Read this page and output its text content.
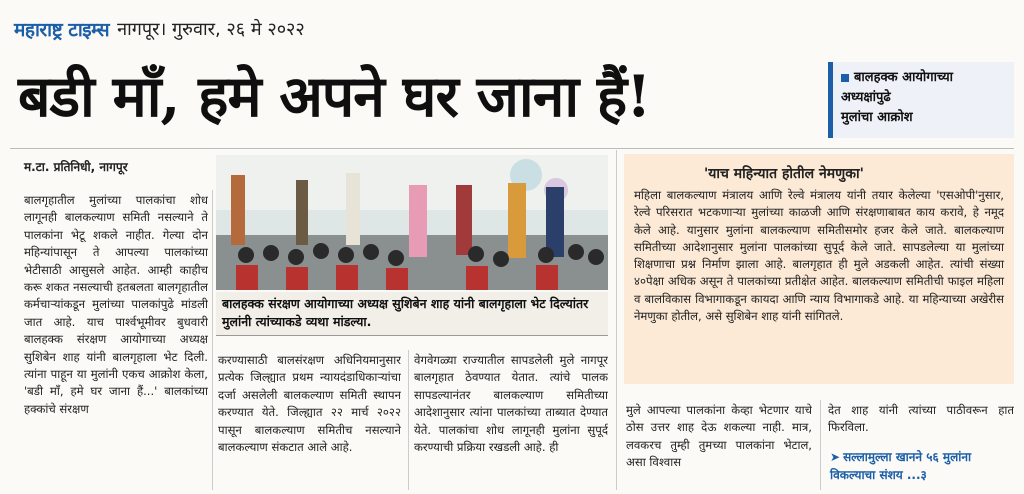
महाराष्ट्र टाइम्स नागपूर। गुरुवार, २६ मे २०२२
बडी माँ, हमे अपने घर जाना हैं!	बालहक्क आयोगाच्या

अध्यक्षांपुढे

मुलांचा आक्रोश

म.टा. प्रतिनिधी, नागपूर
बालगृहातील मुलांच्या पालकांचा शोध लागूनही बालकल्याण समिती नसल्याने ते पालकांना भेटू शकले नाहीत. गेल्या दोन महिन्यांपासून ते आपल्या पालकांच्या भेटीसाठी आसुसले आहेत. आम्ही काहीच करू शकत नसल्याची हतबलता बालगृहातील कर्मचाऱ्यांकडून मुलांच्या पालकांपुढे मांडली जात आहे. याच पार्श्वभूमीवर बुधवारी बालहक्क संरक्षण आयोगाच्या अध्यक्ष सुशिबेन शाह यांनी बालगृहाला भेट दिली. त्यांना पाहून या मुलांनी एकच आक्रोश केला, 'बडी माँ, हमे घर जाना हैं...' बालकांच्या हक्कांचे संरक्षण
बालहक्क संरक्षण आयोगाच्या अध्यक्ष सुशिबेन शाह यांनी बालगृहाला भेट दिल्यांतर मुलांनी त्यांच्याकडे व्यथा मांडल्या.
करण्यासाठी बालसंरक्षण अधिनियमानुसार प्रत्येक जिल्ह्यात प्रथम न्यायदंडाधिकाऱ्यांचा दर्जा असलेली बालकल्याण समिती स्थापन करण्यात येते. जिल्ह्यात २२ मार्च २०२२ पासून बालकल्याण समितीच नसल्याने बालकल्याण संकटात आले आहे.
वेगवेगळ्या राज्यातील सापडलेली मुले नागपूर बालगृहात ठेवण्यात येतात. त्यांचे पालक सापडल्यानंतर बालकल्याण समितीच्या आदेशानुसार त्यांना पालकांच्या ताब्यात देण्यात येते. पालकांचा शोध लागूनही मुलांना सुपूर्द करण्याची प्रक्रिया रखडली आहे. ही
'याच महिन्यात होतील नेमणुका'
महिला बालकल्याण मंत्रालय आणि रेल्वे मंत्रालय यांनी तयार केलेल्या 'एसओपी'नुसार, रेल्वे परिसरात भटकणाऱ्या मुलांच्या काळजी आणि संरक्षणाबाबत काय करावे, हे नमूद केले आहे. यानुसार मुलांना बालकल्याण समितीसमोर हजर केले जाते. बालकल्याण समितीच्या आदेशानुसार मुलांना पालकांच्या सुपूर्द केले जाते. सापडलेल्या या मुलांच्या शिक्षणाचा प्रश्न निर्माण झाला आहे. बालगृहात ही मुले अडकली आहेत. त्यांची संख्या ४०पेक्षा अधिक असून ते पालकांच्या प्रतीक्षेत आहेत. बालकल्याण समितीची फाइल महिला व बालविकास विभागाकडून कायदा आणि न्याय विभागाकडे आहे. या महिन्याच्या अखेरीस नेमणुका होतील, असे सुशिबेन शाह यांनी सांगितले.
मुले आपल्या पालकांना केव्हा भेटणार याचे ठोस उत्तर शाह देऊ शकल्या नाही. मात्र, लवकरच तुम्ही तुमच्या पालकांना भेटाल, असा विश्वास
देत शाह यांनी त्यांच्या पाठीवरून हात फिरविला.
➤ सल्लामुल्ला खानने ५६ मुलांना विकल्याचा संशय ...३
